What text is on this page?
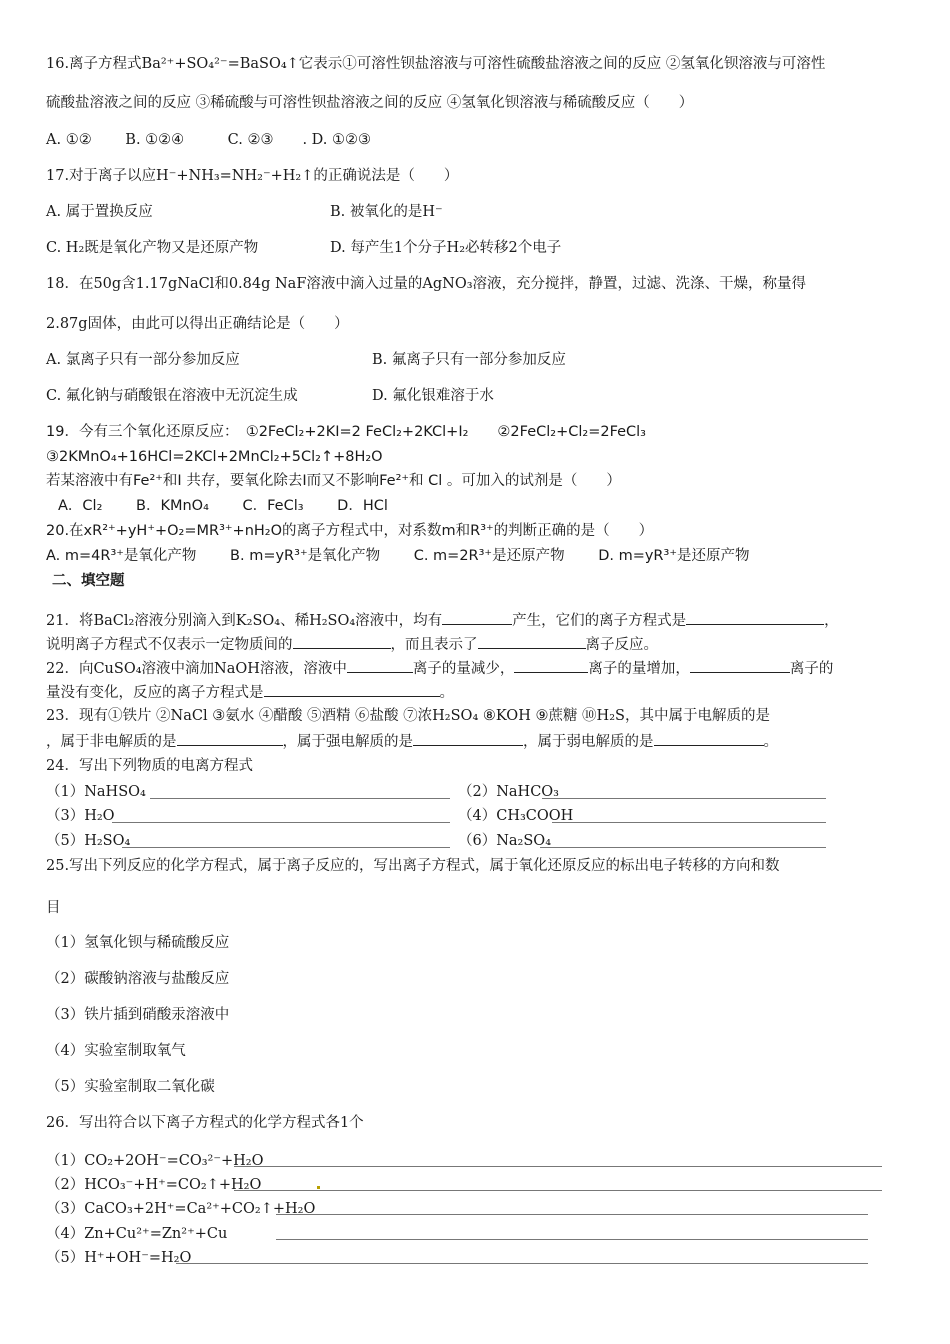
16.离子方程式Ba²⁺+SO₄²⁻=BaSO₄↑它表示①可溶性钡盐溶液与可溶性硫酸盐溶液之间的反应 ②氢氧化钡溶液与可溶性
硫酸盐溶液之间的反应 ③稀硫酸与可溶性钡盐溶液之间的反应 ④氢氧化钡溶液与稀硫酸反应（　　）
A. ①②　　 B. ①②④　　　C. ②③　　. D. ①②③
17.对于离子以应H⁻+NH₃=NH₂⁻+H₂↑的正确说法是（　　）
A. 属于置换反应	B. 被氧化的是H⁻
C. H₂既是氧化产物又是还原产物	D. 每产生1个分子H₂必转移2个电子
18．在50g含1.17gNaCl和0.84g NaF溶液中滴入过量的AgNO₃溶液，充分搅拌，静置，过滤、洗涤、干燥，称量得
2.87g固体，由此可以得出正确结论是（　　）
A. 氯离子只有一部分参加反应	B. 氟离子只有一部分参加反应
C. 氟化钠与硝酸银在溶液中无沉淀生成	D. 氟化银难溶于水
19．今有三个氧化还原反应：　①2FeCl₂+2KI=2 FeCl₂+2KCl+I₂　　②2FeCl₂+Cl₂=2FeCl₃
③2KMnO₄+16HCl=2KCl+2MnCl₂+5Cl₂↑+8H₂O
若某溶液中有Fe²⁺和I 共存，要氧化除去I而又不影响Fe²⁺和 Cl 。可加入的试剂是（　　）
A．Cl₂　　 B．KMnO₄　　 C．FeCl₃　　 D．HCl
20.在xR²⁺+yH⁺+O₂=MR³⁺+nH₂O的离子方程式中，对系数m和R³⁺的判断正确的是（　　）
A. m=4R³⁺是氧化产物　　 B. m=yR³⁺是氧化产物　　 C. m=2R³⁺是还原产物　　 D. m=yR³⁺是还原产物
二、填空题
21．将BaCl₂溶液分别滴入到K₂SO₄、稀H₂SO₄溶液中，均有	产生，它们的离子方程式是	，
说明离子方程式不仅表示一定物质间的	，而且表示了	离子反应。
22．向CuSO₄溶液中滴加NaOH溶液，溶液中	离子的量减少，	离子的量增加，	离子的
量没有变化，反应的离子方程式是	。
23．现有①铁片 ②NaCl ③氨水 ④醋酸 ⑤酒精 ⑥盐酸 ⑦浓H₂SO₄ ⑧KOH ⑨蔗糖 ⑩H₂S，其中属于电解质的是
，属于非电解质的是	，属于强电解质的是	，属于弱电解质的是	。
24．写出下列物质的电离方程式
（1）NaHSO₄	（2）NaHCO₃
（3）H₂O	（4）CH₃COOH
（5）H₂SO₄	（6）Na₂SO₄
25.写出下列反应的化学方程式，属于离子反应的，写出离子方程式，属于氧化还原反应的标出电子转移的方向和数
目
（1）氢氧化钡与稀硫酸反应
（2）碳酸钠溶液与盐酸反应
（3）铁片插到硝酸汞溶液中
（4）实验室制取氧气
（5）实验室制取二氧化碳
26．写出符合以下离子方程式的化学方程式各1个
（1）CO₂+2OH⁻=CO₃²⁻+H₂O
（2）HCO₃⁻+H⁺=CO₂↑+H₂O
（3）CaCO₃+2H⁺=Ca²⁺+CO₂↑+H₂O
（4）Zn+Cu²⁺=Zn²⁺+Cu
（5）H⁺+OH⁻=H₂O
